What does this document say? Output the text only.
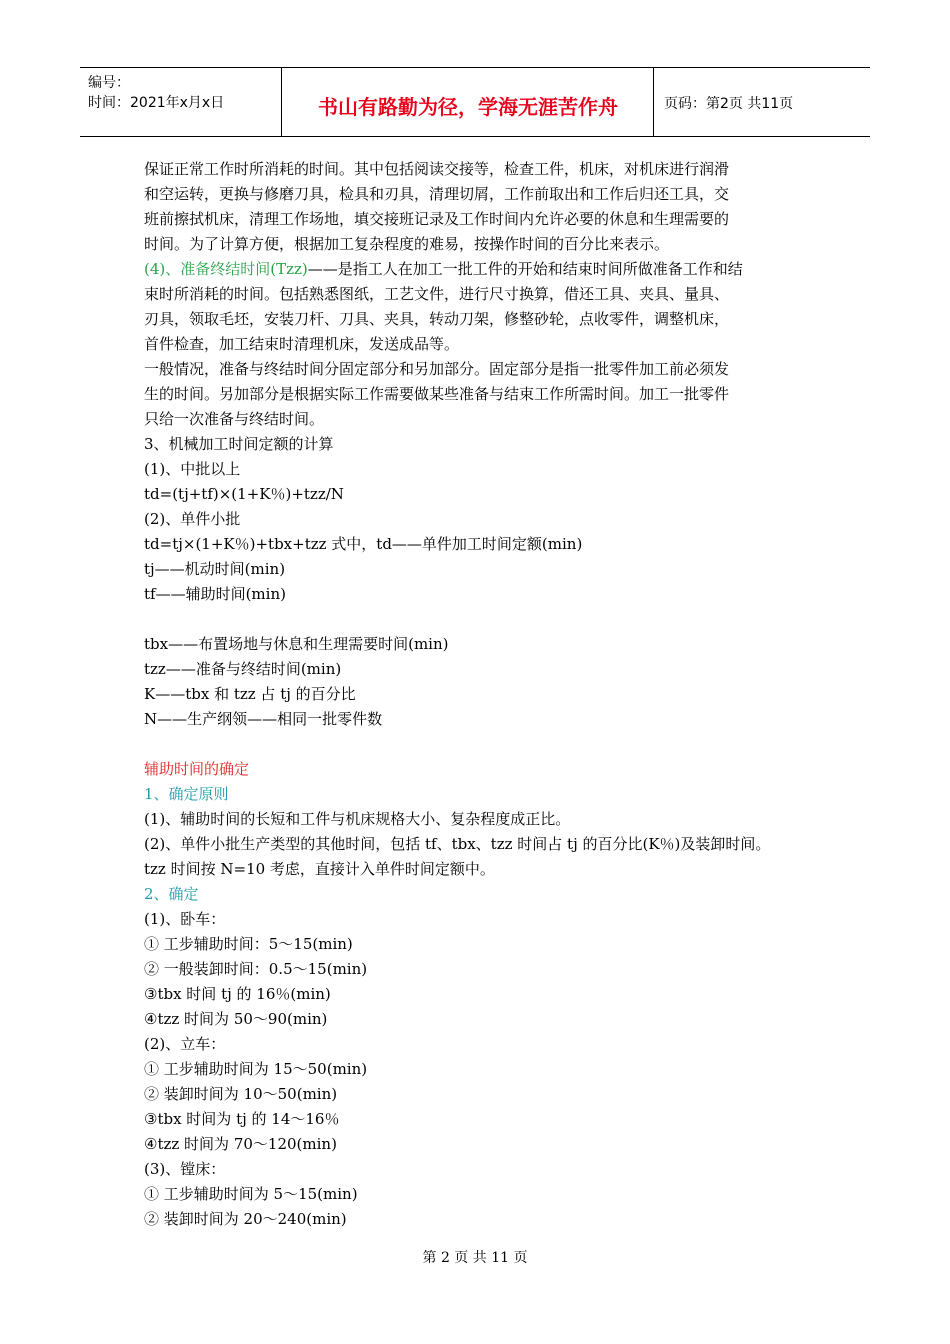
编号：
时间：2021年x月x日	书山有路勤为径，学海无涯苦作舟	页码：第2页 共11页
保证正常工作时所消耗的时间。其中包括阅读交接等，检查工件，机床，对机床进行润滑
和空运转，更换与修磨刀具，检具和刃具，清理切屑，工作前取出和工作后归还工具，交
班前擦拭机床，清理工作场地，填交接班记录及工作时间内允许必要的休息和生理需要的
时间。为了计算方便，根据加工复杂程度的难易，按操作时间的百分比来表示。
(4)、准备终结时间(Tzz)——是指工人在加工一批工件的开始和结束时间所做准备工作和结
束时所消耗的时间。包括熟悉图纸，工艺文件，进行尺寸换算，借还工具、夹具、量具、
刃具，领取毛坯，安装刀杆、刀具、夹具，转动刀架，修整砂轮，点收零件，调整机床，
首件检查，加工结束时清理机床，发送成品等。
一般情况，准备与终结时间分固定部分和另加部分。固定部分是指一批零件加工前必须发
生的时间。另加部分是根据实际工作需要做某些准备与结束工作所需时间。加工一批零件
只给一次准备与终结时间。
3、机械加工时间定额的计算
(1)、中批以上
td=(tj+tf)×(1+K％)+tzz/N
(2)、单件小批
td=tj×(1+K％)+tbx+tzz 式中，td——单件加工时间定额(min)
tj——机动时间(min)
tf——辅助时间(min)
tbx——布置场地与休息和生理需要时间(min)
tzz——准备与终结时间(min)
K——tbx 和 tzz 占 tj 的百分比
N——生产纲领——相同一批零件数
辅助时间的确定
1、确定原则
(1)、辅助时间的长短和工件与机床规格大小、复杂程度成正比。
(2)、单件小批生产类型的其他时间，包括 tf、tbx、tzz 时间占 tj 的百分比(K％)及装卸时间。
tzz 时间按 N=10 考虑，直接计入单件时间定额中。
2、确定
(1)、卧车：
① 工步辅助时间：5～15(min)
② 一般装卸时间：0.5～15(min)
③tbx 时间 tj 的 16％(min)
④tzz 时间为 50～90(min)
(2)、立车：
① 工步辅助时间为 15～50(min)
② 装卸时间为 10～50(min)
③tbx 时间为 tj 的 14～16％
④tzz 时间为 70～120(min)
(3)、镗床：
① 工步辅助时间为 5～15(min)
② 装卸时间为 20～240(min)
第 2 页 共 11 页
